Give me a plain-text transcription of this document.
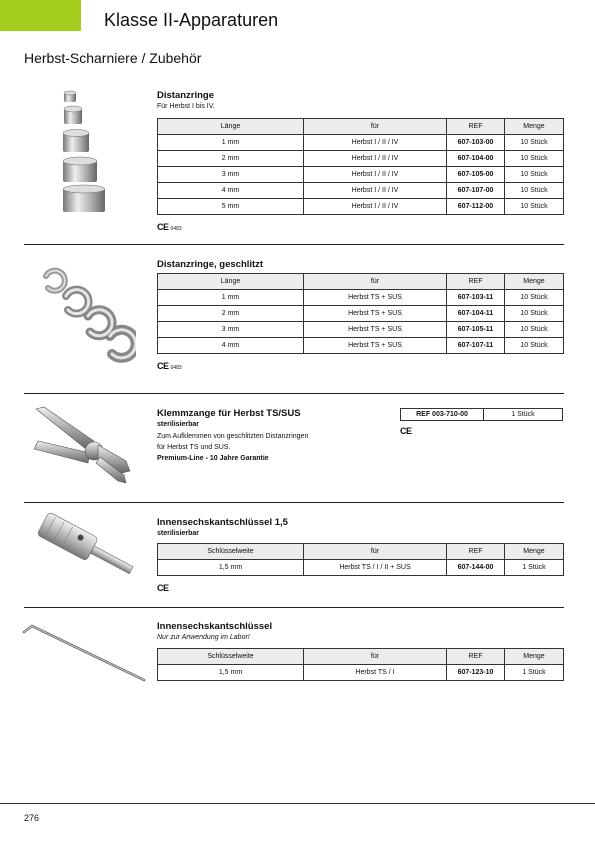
Klasse II-Apparaturen
Herbst-Scharniere / Zubehör
Distanzringe
Für Herbst I bis IV.
Länge	für	REF	Menge
1 mm	Herbst I / II / IV	607-103-00	10 Stück
2 mm	Herbst I / II / IV	607-104-00	10 Stück
3 mm	Herbst I / II / IV	607-105-00	10 Stück
4 mm	Herbst I / II / IV	607-107-00	10 Stück
5 mm	Herbst I / II / IV	607-112-00	10 Stück
CE 0483
Distanzringe, geschlitzt
Länge	für	REF	Menge
1 mm	Herbst TS + SUS	607-103-11	10 Stück
2 mm	Herbst TS + SUS	607-104-11	10 Stück
3 mm	Herbst TS + SUS	607-105-11	10 Stück
4 mm	Herbst TS + SUS	607-107-11	10 Stück
CE 0483
Klemmzange für Herbst TS/SUS
sterilisierbar
Zum Aufklemmen von geschlitzten Distanzringen
für Herbst TS und SUS.
Premium-Line - 10 Jahre Garantie
REF 003-710-00	1 Stück
CE
Innensechskantschlüssel 1,5
sterilisierbar
Schlüsselweite	für	REF	Menge
1,5 mm	Herbst TS / I / II + SUS	607-144-00	1 Stück
CE
Innensechskantschlüssel
Nur zur Anwendung im Labor!
Schlüsselweite	für	REF	Menge
1,5 mm	Herbst TS / I	607-123-10	1 Stück
276
